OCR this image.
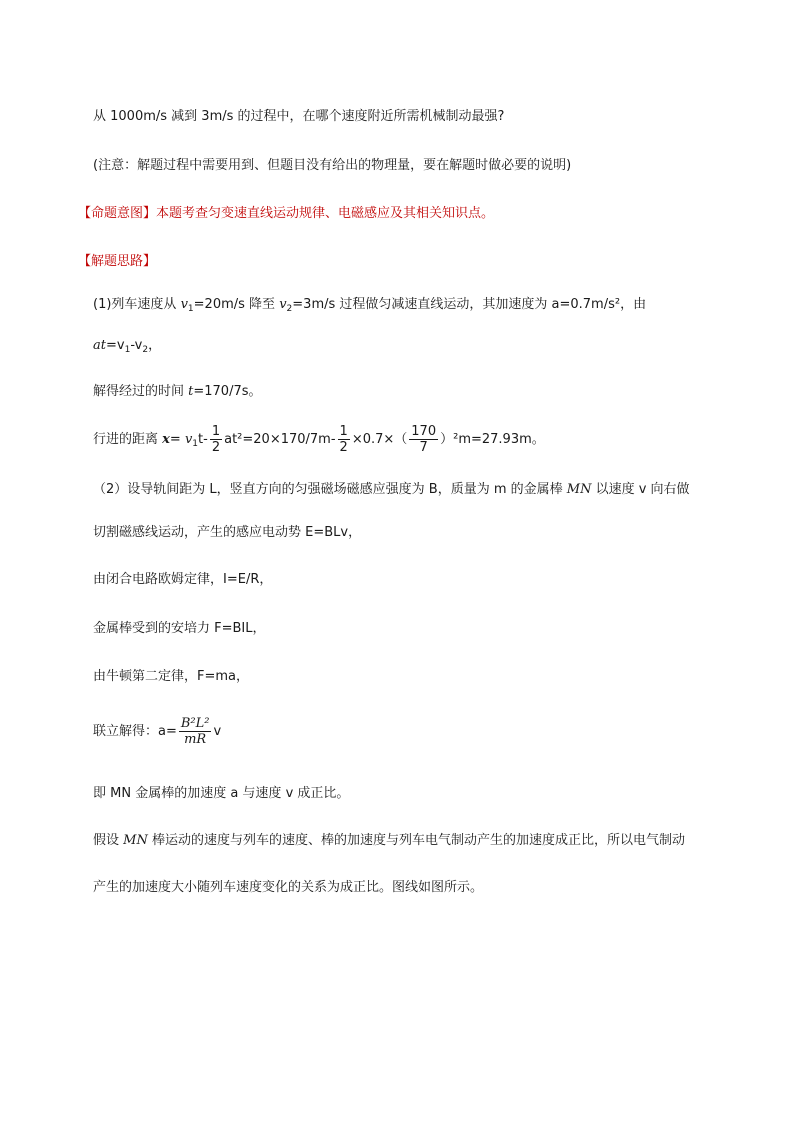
从 1000m/s 减到 3m/s 的过程中，在哪个速度附近所需机械制动最强?
(注意：解题过程中需要用到、但题目没有给出的物理量，要在解题时做必要的说明)
【命题意图】本题考查匀变速直线运动规律、电磁感应及其相关知识点。
【解题思路】
(1)列车速度从 $v_1=20m/s$ 降至 $v_2=3m/s$ 过程做匀减速直线运动，其加速度为 a=0.7m/s²，由
$at=v_1-v_2$，
解得经过的时间 t=170/7s。
行进的距离 $x= v_1t- \frac{1}{2} at^2=20\times 170/7m- \frac{1}{2} \times 0.7\times( \frac{170}{7} )^2m=27.93m$。
（2）设导轨间距为 L，竖直方向的匀强磁场磁感应强度为 B，质量为 m 的金属棒 MN 以速度 v 向右做
切割磁感线运动，产生的感应电动势 E=BLv，
由闭合电路欧姆定律，I=E/R，
金属棒受到的安培力 F=BIL，
由牛顿第二定律，F=ma，
联立解得：$a= \frac{\text{B²L²}}{mR}$ v
即 MN 金属棒的加速度 a 与速度 v 成正比。
假设 MN 棒运动的速度与列车的速度、棒的加速度与列车电气制动产生的加速度成正比，所以电气制动
产生的加速度大小随列车速度变化的关系为成正比。图线如图所示。
